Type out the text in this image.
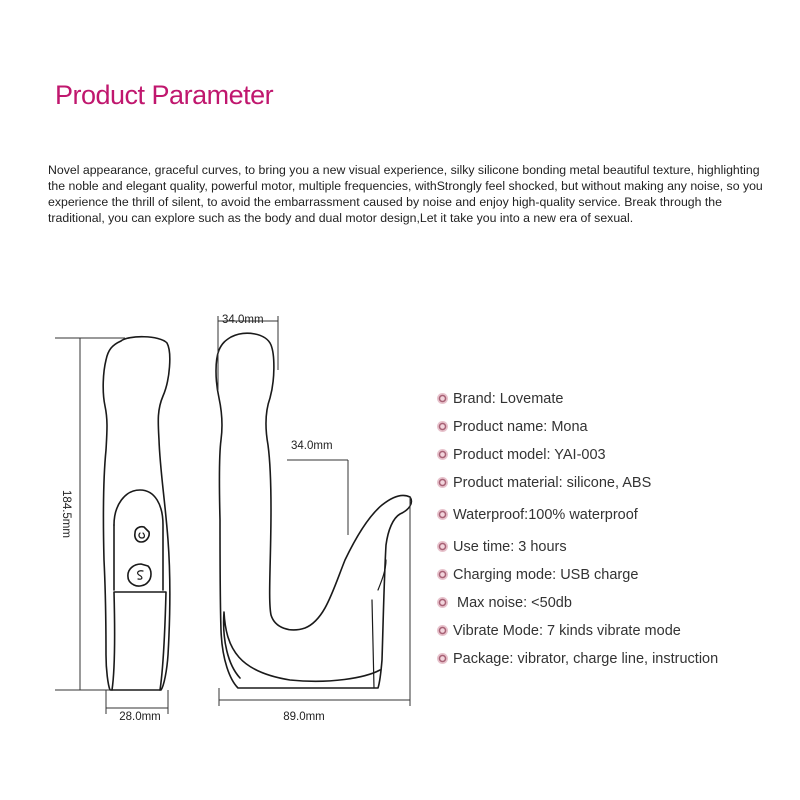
Product Parameter

Novel appearance, graceful curves, to bring you a new visual experience, silky silicone bonding metal beautiful texture, highlighting the noble and elegant quality, powerful motor, multiple frequencies, withStrongly feel shocked, but without making any noise, so you experience the thrill of silent, to avoid the embarrassment caused by noise and enjoy high-quality service. Break through the traditional, you can explore such as the body and dual motor design,Let it take you into a new era of sexual.

184.5mm
34.0mm
34.0mm
28.0mm	89.0mm
Brand: Lovemate
Product name: Mona
Product model: YAI-003
Product material: silicone, ABS
Waterproof:100% waterproof
Use time: 3 hours
Charging mode: USB charge
Max noise: <50db
Vibrate Mode: 7 kinds vibrate mode
Package: vibrator, charge line, instruction
